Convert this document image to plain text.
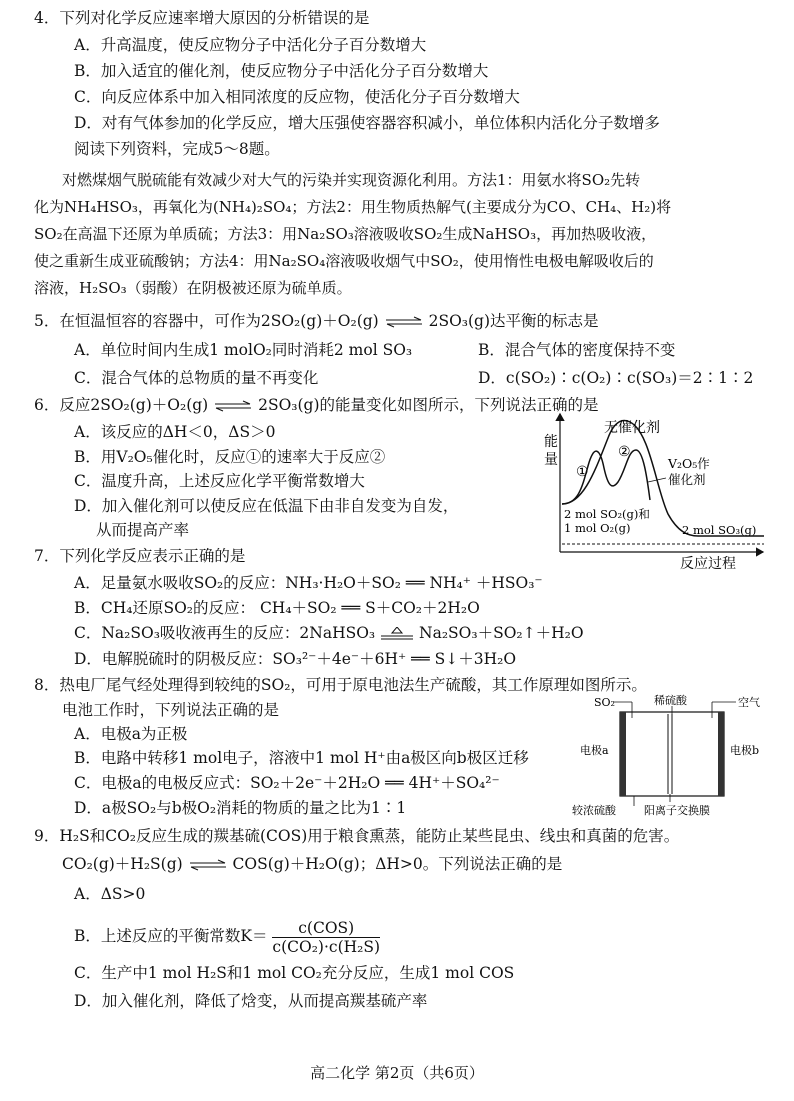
4．下列对化学反应速率增大原因的分析错误的是
A．升高温度，使反应物分子中活化分子百分数增大
B．加入适宜的催化剂，使反应物分子中活化分子百分数增大
C．向反应体系中加入相同浓度的反应物，使活化分子百分数增大
D．对有气体参加的化学反应，增大压强使容器容积减小，单位体积内活化分子数增多
阅读下列资料，完成5～8题。
对燃煤烟气脱硫能有效减少对大气的污染并实现资源化利用。方法1：用氨水将SO₂先转
化为NH₄HSO₃，再氧化为(NH₄)₂SO₄；方法2：用生物质热解气(主要成分为CO、CH₄、H₂)将
SO₂在高温下还原为单质硫；方法3：用Na₂SO₃溶液吸收SO₂生成NaHSO₃，再加热吸收液，
使之重新生成亚硫酸钠；方法4：用Na₂SO₄溶液吸收烟气中SO₂，使用惰性电极电解吸收后的
溶液，H₂SO₃（弱酸）在阴极被还原为硫单质。
5．在恒温恒容的容器中，可作为2SO₂(g)＋O₂(g) ⇌ 2SO₃(g)达平衡的标志是
A．单位时间内生成1 molO₂同时消耗2 mol SO₃	B．混合气体的密度保持不变
C．混合气体的总物质的量不再变化	D．c(SO₂)∶c(O₂)∶c(SO₃)＝2∶1∶2
6．反应2SO₂(g)＋O₂(g) ⇌ 2SO₃(g)的能量变化如图所示，下列说法正确的是
A．该反应的ΔH＜0，ΔS＞0
B．用V₂O₅催化时，反应①的速率大于反应②
C．温度升高，上述反应化学平衡常数增大
D．加入催化剂可以使反应在低温下由非自发变为自发，
从而提高产率
能
量
反应过程
无催化剂
①
②
V₂O₅作
催化剂
2 mol SO₂(g)和
1 mol O₂(g)	2 mol SO₃(g)
7．下列化学反应表示正确的是
A．足量氨水吸收SO₂的反应：NH₃·H₂O＋SO₂ ══ NH₄⁺ ＋HSO₃⁻
B．CH₄还原SO₂的反应： CH₄＋SO₂ ══ S＋CO₂＋2H₂O
C．Na₂SO₃吸收液再生的反应：2NaHSO₃	Na₂SO₃＋SO₂↑＋H₂O
D．电解脱硫时的阴极反应：SO₃²⁻＋4e⁻＋6H⁺ ══ S↓＋3H₂O
8．热电厂尾气经处理得到较纯的SO₂，可用于原电池法生产硫酸，其工作原理如图所示。
电池工作时，下列说法正确的是
A．电极a为正极
B．电路中转移1 mol电子，溶液中1 mol H⁺由a极区向b极区迁移
C．电极a的电极反应式：SO₂＋2e⁻＋2H₂O ══ 4H⁺＋SO₄²⁻
D．a极SO₂与b极O₂消耗的物质的量之比为1∶1
SO₂	稀硫酸	空气
电极a	电极b
较浓硫酸	阳离子交换膜
9．H₂S和CO₂反应生成的羰基硫(COS)用于粮食熏蒸，能防止某些昆虫、线虫和真菌的危害。
CO₂(g)＋H₂S(g) ⇌ COS(g)＋H₂O(g)；ΔH>0。下列说法正确的是
A．ΔS>0
B．上述反应的平衡常数$K= \frac{\text{c(COS)}}{\text{c(CO₂)·c(H₂S)}}$
C．生产中1 mol H₂S和1 mol CO₂充分反应，生成1 mol COS
D．加入催化剂，降低了焓变，从而提高羰基硫产率
高二化学 第2页（共6页）
